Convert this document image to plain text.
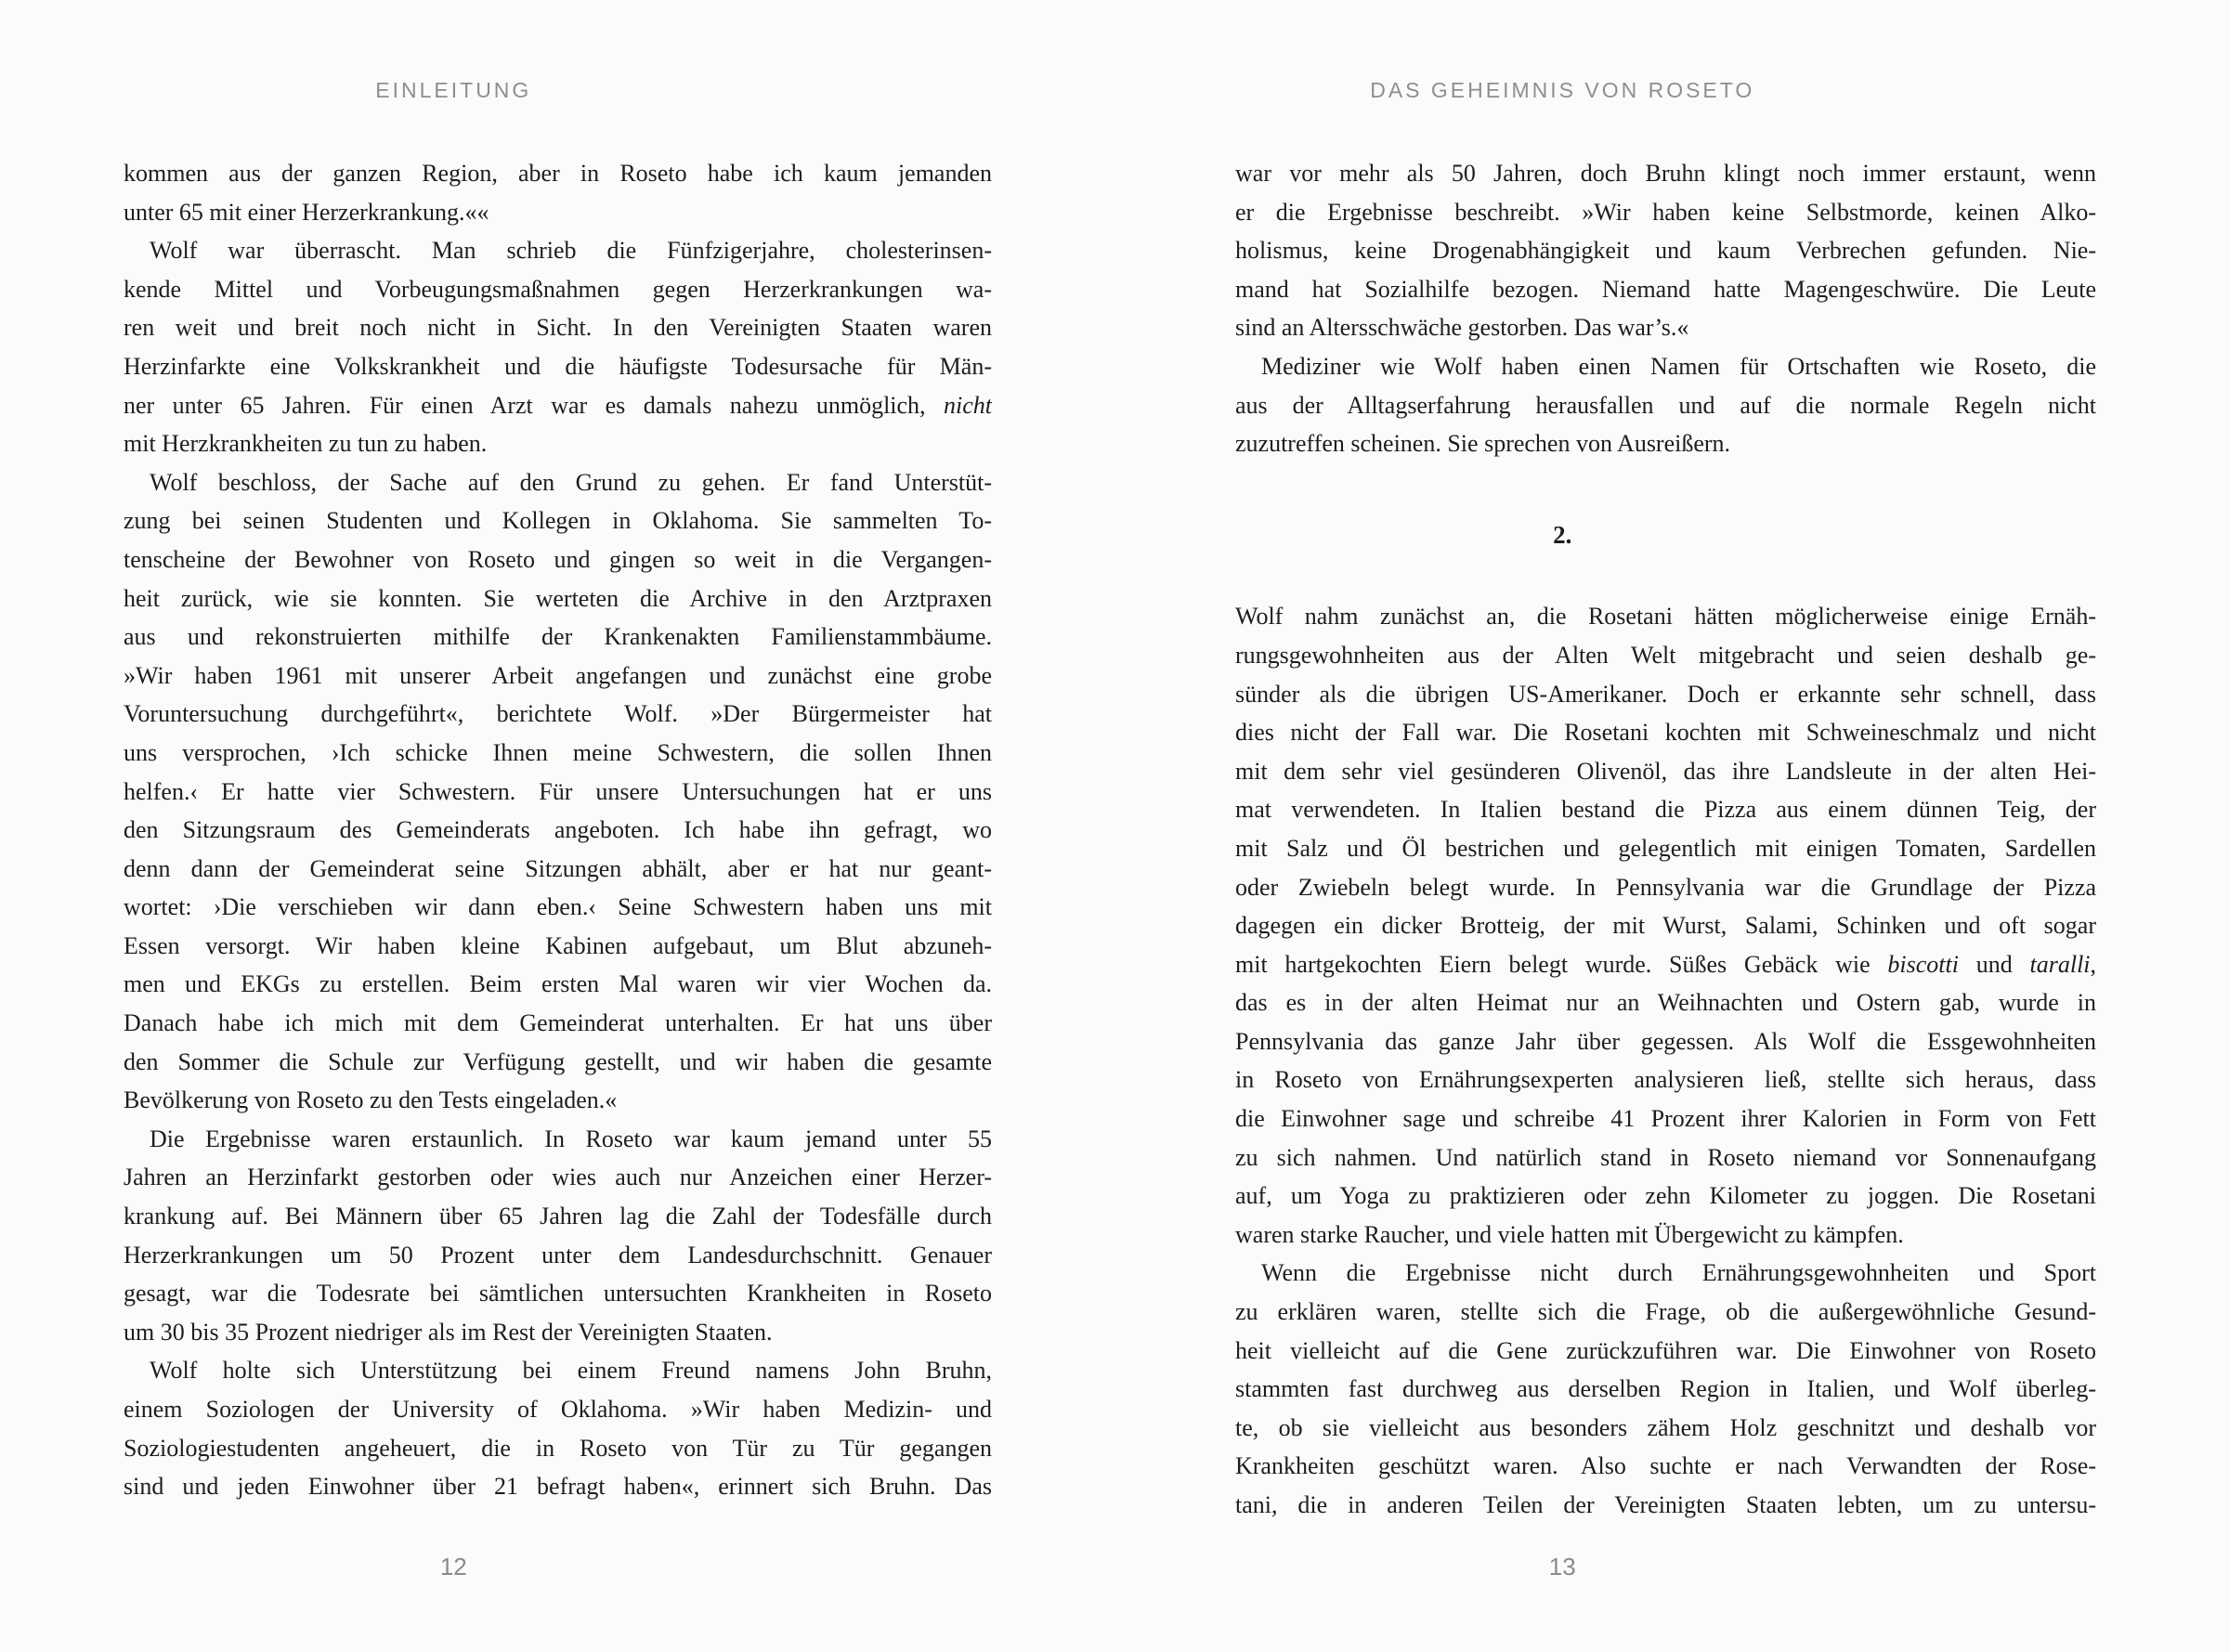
EINLEITUNG
kommen aus der ganzen Region, aber in Roseto habe ich kaum jemanden
unter 65 mit einer Herzerkrankung.««
Wolf war überrascht. Man schrieb die Fünfzigerjahre, cholesterinsen-
kende Mittel und Vorbeugungsmaßnahmen gegen Herzerkrankungen wa-
ren weit und breit noch nicht in Sicht. In den Vereinigten Staaten waren
Herzinfarkte eine Volkskrankheit und die häufigste Todesursache für Män-
ner unter 65 Jahren. Für einen Arzt war es damals nahezu unmöglich, nicht
mit Herzkrankheiten zu tun zu haben.
Wolf beschloss, der Sache auf den Grund zu gehen. Er fand Unterstüt-
zung bei seinen Studenten und Kollegen in Oklahoma. Sie sammelten To-
tenscheine der Bewohner von Roseto und gingen so weit in die Vergangen-
heit zurück, wie sie konnten. Sie werteten die Archive in den Arztpraxen
aus und rekonstruierten mithilfe der Krankenakten Familienstammbäume.
»Wir haben 1961 mit unserer Arbeit angefangen und zunächst eine grobe
Voruntersuchung durchgeführt«, berichtete Wolf. »Der Bürgermeister hat
uns versprochen, ›Ich schicke Ihnen meine Schwestern, die sollen Ihnen
helfen.‹ Er hatte vier Schwestern. Für unsere Untersuchungen hat er uns
den Sitzungsraum des Gemeinderats angeboten. Ich habe ihn gefragt, wo
denn dann der Gemeinderat seine Sitzungen abhält, aber er hat nur geant-
wortet: ›Die verschieben wir dann eben.‹ Seine Schwestern haben uns mit
Essen versorgt. Wir haben kleine Kabinen aufgebaut, um Blut abzuneh-
men und EKGs zu erstellen. Beim ersten Mal waren wir vier Wochen da.
Danach habe ich mich mit dem Gemeinderat unterhalten. Er hat uns über
den Sommer die Schule zur Verfügung gestellt, und wir haben die gesamte
Bevölkerung von Roseto zu den Tests eingeladen.«
Die Ergebnisse waren erstaunlich. In Roseto war kaum jemand unter 55
Jahren an Herzinfarkt gestorben oder wies auch nur Anzeichen einer Herzer-
krankung auf. Bei Männern über 65 Jahren lag die Zahl der Todesfälle durch
Herzerkrankungen um 50 Prozent unter dem Landesdurchschnitt. Genauer
gesagt, war die Todesrate bei sämtlichen untersuchten Krankheiten in Roseto
um 30 bis 35 Prozent niedriger als im Rest der Vereinigten Staaten.
Wolf holte sich Unterstützung bei einem Freund namens John Bruhn,
einem Soziologen der University of Oklahoma. »Wir haben Medizin- und
Soziologiestudenten angeheuert, die in Roseto von Tür zu Tür gegangen
sind und jeden Einwohner über 21 befragt haben«, erinnert sich Bruhn. Das
12
DAS GEHEIMNIS VON ROSETO
war vor mehr als 50 Jahren, doch Bruhn klingt noch immer erstaunt, wenn
er die Ergebnisse beschreibt. »Wir haben keine Selbstmorde, keinen Alko-
holismus, keine Drogenabhängigkeit und kaum Verbrechen gefunden. Nie-
mand hat Sozialhilfe bezogen. Niemand hatte Magengeschwüre. Die Leute
sind an Altersschwäche gestorben. Das war’s.«
Mediziner wie Wolf haben einen Namen für Ortschaften wie Roseto, die
aus der Alltagserfahrung herausfallen und auf die normale Regeln nicht
zuzutreffen scheinen. Sie sprechen von Ausreißern.
2.
Wolf nahm zunächst an, die Rosetani hätten möglicherweise einige Ernäh-
rungsgewohnheiten aus der Alten Welt mitgebracht und seien deshalb ge-
sünder als die übrigen US-Amerikaner. Doch er erkannte sehr schnell, dass
dies nicht der Fall war. Die Rosetani kochten mit Schweineschmalz und nicht
mit dem sehr viel gesünderen Olivenöl, das ihre Landsleute in der alten Hei-
mat verwendeten. In Italien bestand die Pizza aus einem dünnen Teig, der
mit Salz und Öl bestrichen und gelegentlich mit einigen Tomaten, Sardellen
oder Zwiebeln belegt wurde. In Pennsylvania war die Grundlage der Pizza
dagegen ein dicker Brotteig, der mit Wurst, Salami, Schinken und oft sogar
mit hartgekochten Eiern belegt wurde. Süßes Gebäck wie biscotti und taralli,
das es in der alten Heimat nur an Weihnachten und Ostern gab, wurde in
Pennsylvania das ganze Jahr über gegessen. Als Wolf die Essgewohnheiten
in Roseto von Ernährungsexperten analysieren ließ, stellte sich heraus, dass
die Einwohner sage und schreibe 41 Prozent ihrer Kalorien in Form von Fett
zu sich nahmen. Und natürlich stand in Roseto niemand vor Sonnenaufgang
auf, um Yoga zu praktizieren oder zehn Kilometer zu joggen. Die Rosetani
waren starke Raucher, und viele hatten mit Übergewicht zu kämpfen.
Wenn die Ergebnisse nicht durch Ernährungsgewohnheiten und Sport
zu erklären waren, stellte sich die Frage, ob die außergewöhnliche Gesund-
heit vielleicht auf die Gene zurückzuführen war. Die Einwohner von Roseto
stammten fast durchweg aus derselben Region in Italien, und Wolf überleg-
te, ob sie vielleicht aus besonders zähem Holz geschnitzt und deshalb vor
Krankheiten geschützt waren. Also suchte er nach Verwandten der Rose-
tani, die in anderen Teilen der Vereinigten Staaten lebten, um zu untersu-
13
